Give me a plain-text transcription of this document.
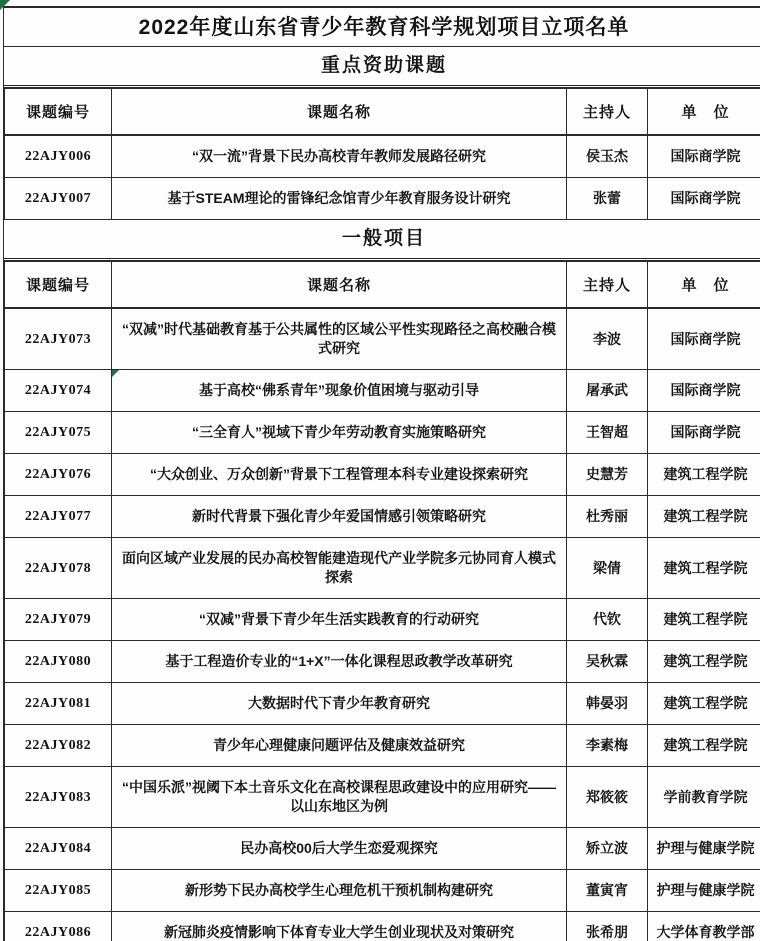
2022年度山东省青少年教育科学规划项目立项名单
重点资助课题
课题编号	课题名称	主持人	单　位
22AJY006	“双一流”背景下民办高校青年教师发展路径研究	侯玉杰	国际商学院
22AJY007	基于STEAM理论的雷锋纪念馆青少年教育服务设计研究	张蕾	国际商学院
一般项目
课题编号	课题名称	主持人	单　位
22AJY073	“双减”时代基础教育基于公共属性的区域公平性实现路径之高校融合模式研究	李波	国际商学院
22AJY074	基于高校“佛系青年”现象价值困境与驱动引导	屠承武	国际商学院
22AJY075	“三全育人”视域下青少年劳动教育实施策略研究	王智超	国际商学院
22AJY076	“大众创业、万众创新”背景下工程管理本科专业建设探索研究	史慧芳	建筑工程学院
22AJY077	新时代背景下强化青少年爱国情感引领策略研究	杜秀丽	建筑工程学院
22AJY078	面向区域产业发展的民办高校智能建造现代产业学院多元协同育人模式探索	梁倩	建筑工程学院
22AJY079	“双减”背景下青少年生活实践教育的行动研究	代钦	建筑工程学院
22AJY080	基于工程造价专业的“1+X”一体化课程思政教学改革研究	吴秋霖	建筑工程学院
22AJY081	大数据时代下青少年教育研究	韩晏羽	建筑工程学院
22AJY082	青少年心理健康问题评估及健康效益研究	李素梅	建筑工程学院
22AJY083	“中国乐派”视阈下本土音乐文化在高校课程思政建设中的应用研究——以山东地区为例	郑筱筱	学前教育学院
22AJY084	民办高校00后大学生恋爱观探究	矫立波	护理与健康学院
22AJY085	新形势下民办高校学生心理危机干预机制构建研究	董寅宵	护理与健康学院
22AJY086	新冠肺炎疫情影响下体育专业大学生创业现状及对策研究	张希朋	大学体育教学部
